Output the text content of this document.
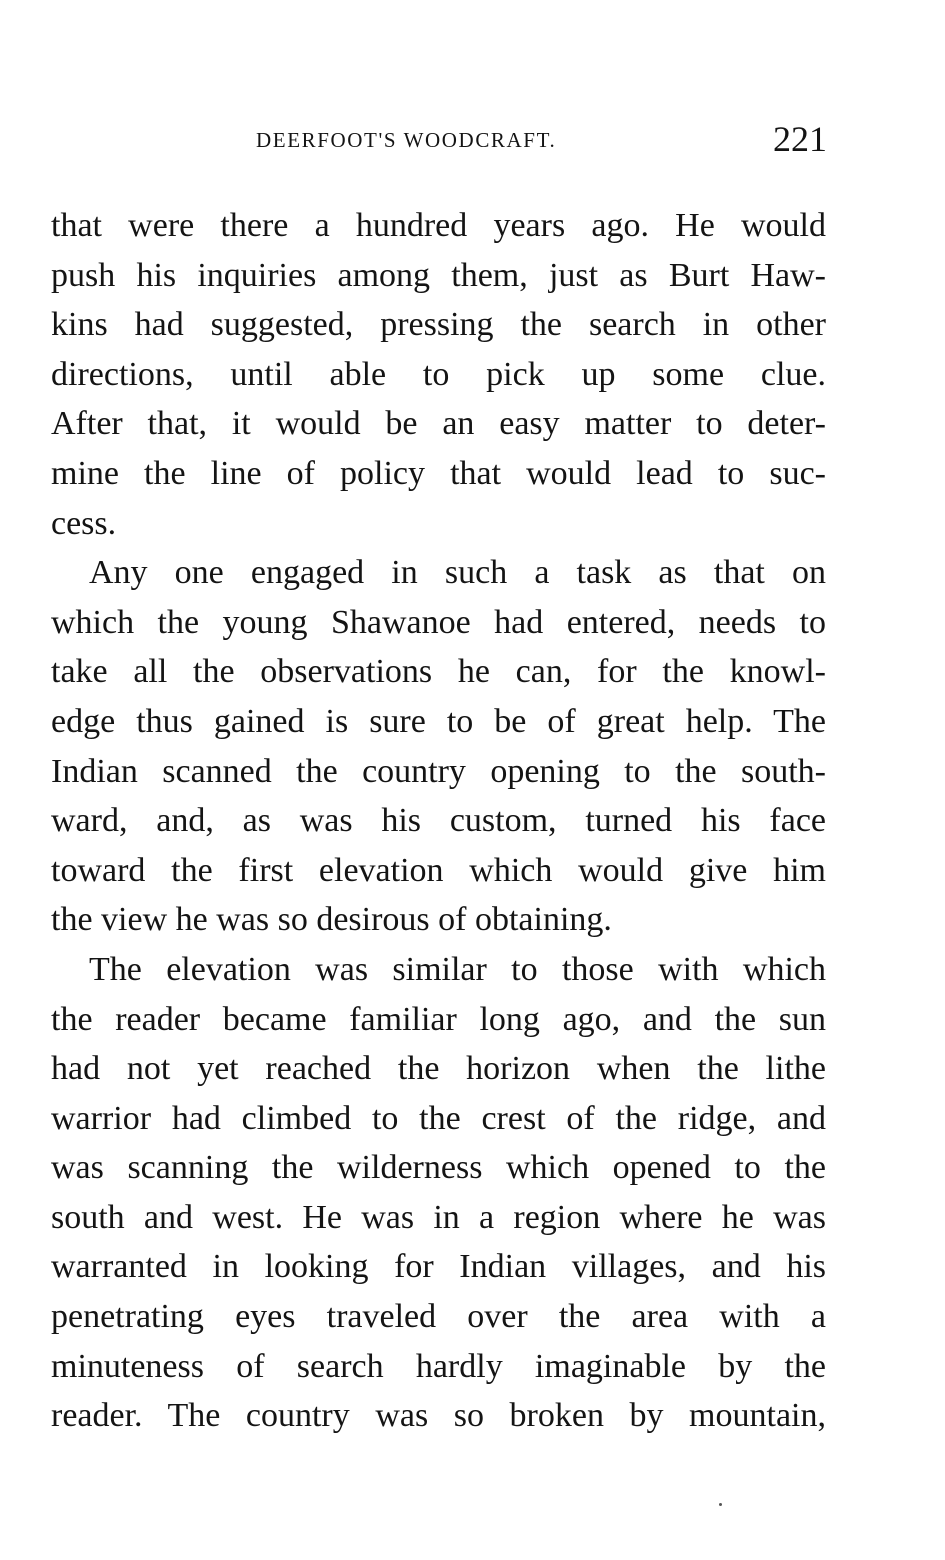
DEERFOOT'S WOODCRAFT.	221
that were there a hundred years ago. He would
push his inquiries among them, just as Burt Haw-
kins had suggested, pressing the search in other
directions, until able to pick up some clue.
After that, it would be an easy matter to deter-
mine the line of policy that would lead to suc-
cess.
Any one engaged in such a task as that on
which the young Shawanoe had entered, needs to
take all the observations he can, for the knowl-
edge thus gained is sure to be of great help. The
Indian scanned the country opening to the south-
ward, and, as was his custom, turned his face
toward the first elevation which would give him
the view he was so desirous of obtaining.
The elevation was similar to those with which
the reader became familiar long ago, and the sun
had not yet reached the horizon when the lithe
warrior had climbed to the crest of the ridge, and
was scanning the wilderness which opened to the
south and west. He was in a region where he was
warranted in looking for Indian villages, and his
penetrating eyes traveled over the area with a
minuteness of search hardly imaginable by the
reader. The country was so broken by mountain,
